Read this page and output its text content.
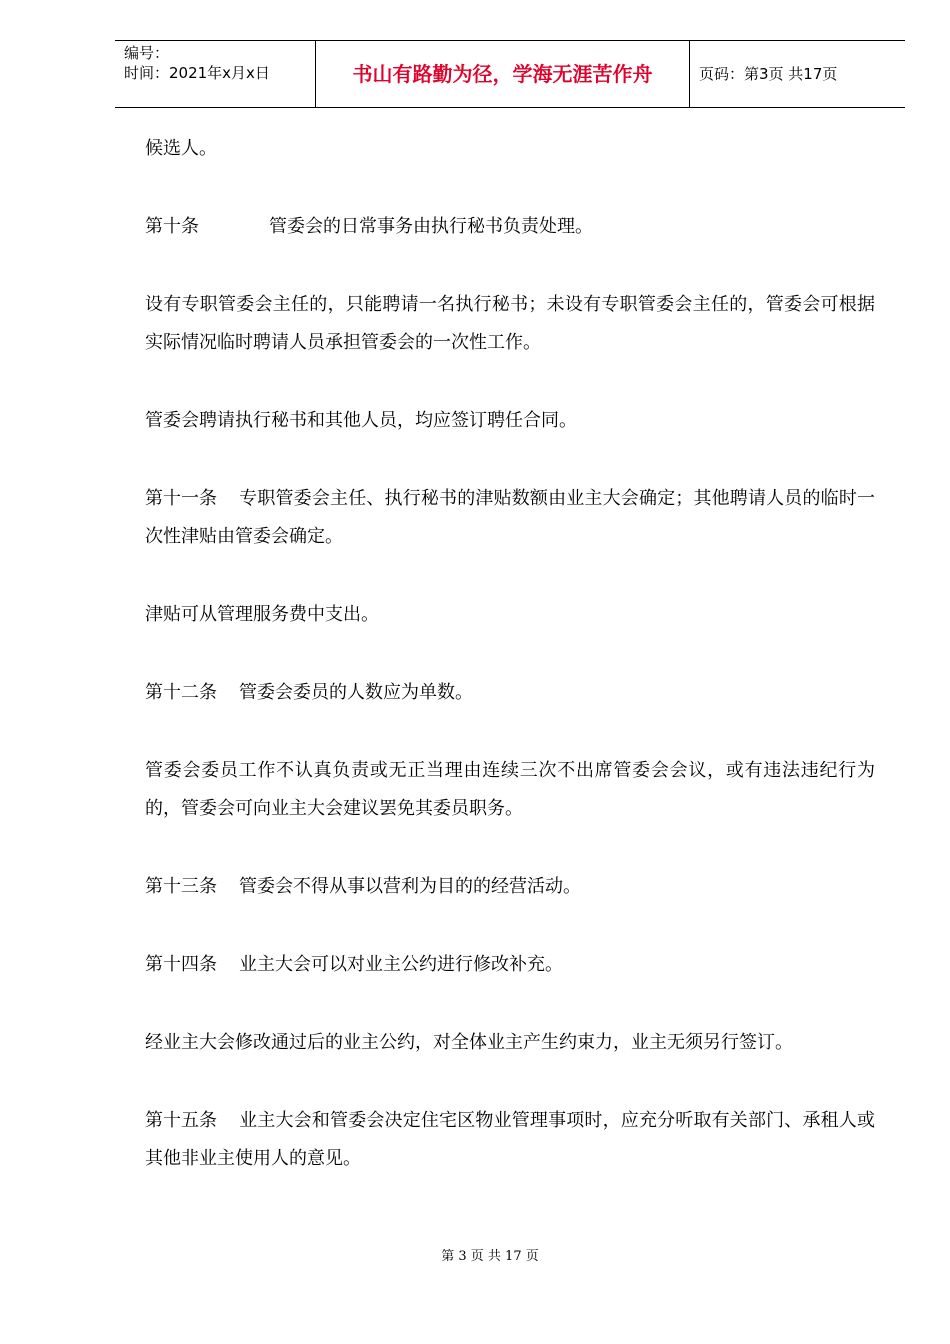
编号：
时间：2021年x月x日	书山有路勤为径，学海无涯苦作舟	页码：第3页 共17页

候选人。

第十条	管委会的日常事务由执行秘书负责处理。

设有专职管委会主任的，只能聘请一名执行秘书；未设有专职管委会主任的，管委会可根据实际情况临时聘请人员承担管委会的一次性工作。

管委会聘请执行秘书和其他人员，均应签订聘任合同。

第十一条 专职管委会主任、执行秘书的津贴数额由业主大会确定；其他聘请人员的临时一次性津贴由管委会确定。

津贴可从管理服务费中支出。

第十二条 管委会委员的人数应为单数。

管委会委员工作不认真负责或无正当理由连续三次不出席管委会会议，或有违法违纪行为的，管委会可向业主大会建议罢免其委员职务。

第十三条 管委会不得从事以营利为目的的经营活动。

第十四条 业主大会可以对业主公约进行修改补充。

经业主大会修改通过后的业主公约，对全体业主产生约束力，业主无须另行签订。

第十五条 业主大会和管委会决定住宅区物业管理事项时，应充分听取有关部门、承租人或其他非业主使用人的意见。

第 3 页 共 17 页
